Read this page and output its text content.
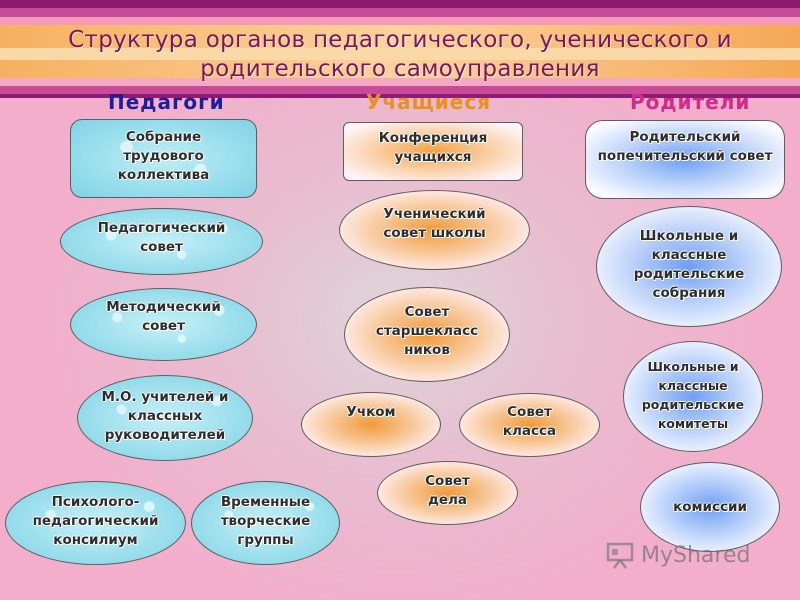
Структура органов педагогического, ученического и
родительского самоуправления
Педагоги	Учащиеся	Родители
Собрание
трудового
коллектива
Педагогический
совет
Методический
совет
М.О. учителей и
классных
руководителей
Психолого-
педагогический
консилиум
Временные
творческие
группы
Конференция
учащихся
Ученический
совет школы
Совет
старшекласс
ников
Учком	Совет
класса
Совет
дела
Родительский
попечительский совет
Школьные и
классные
родительские
собрания
Школьные и
классные
родительские
комитеты
комиссии
MyShared
